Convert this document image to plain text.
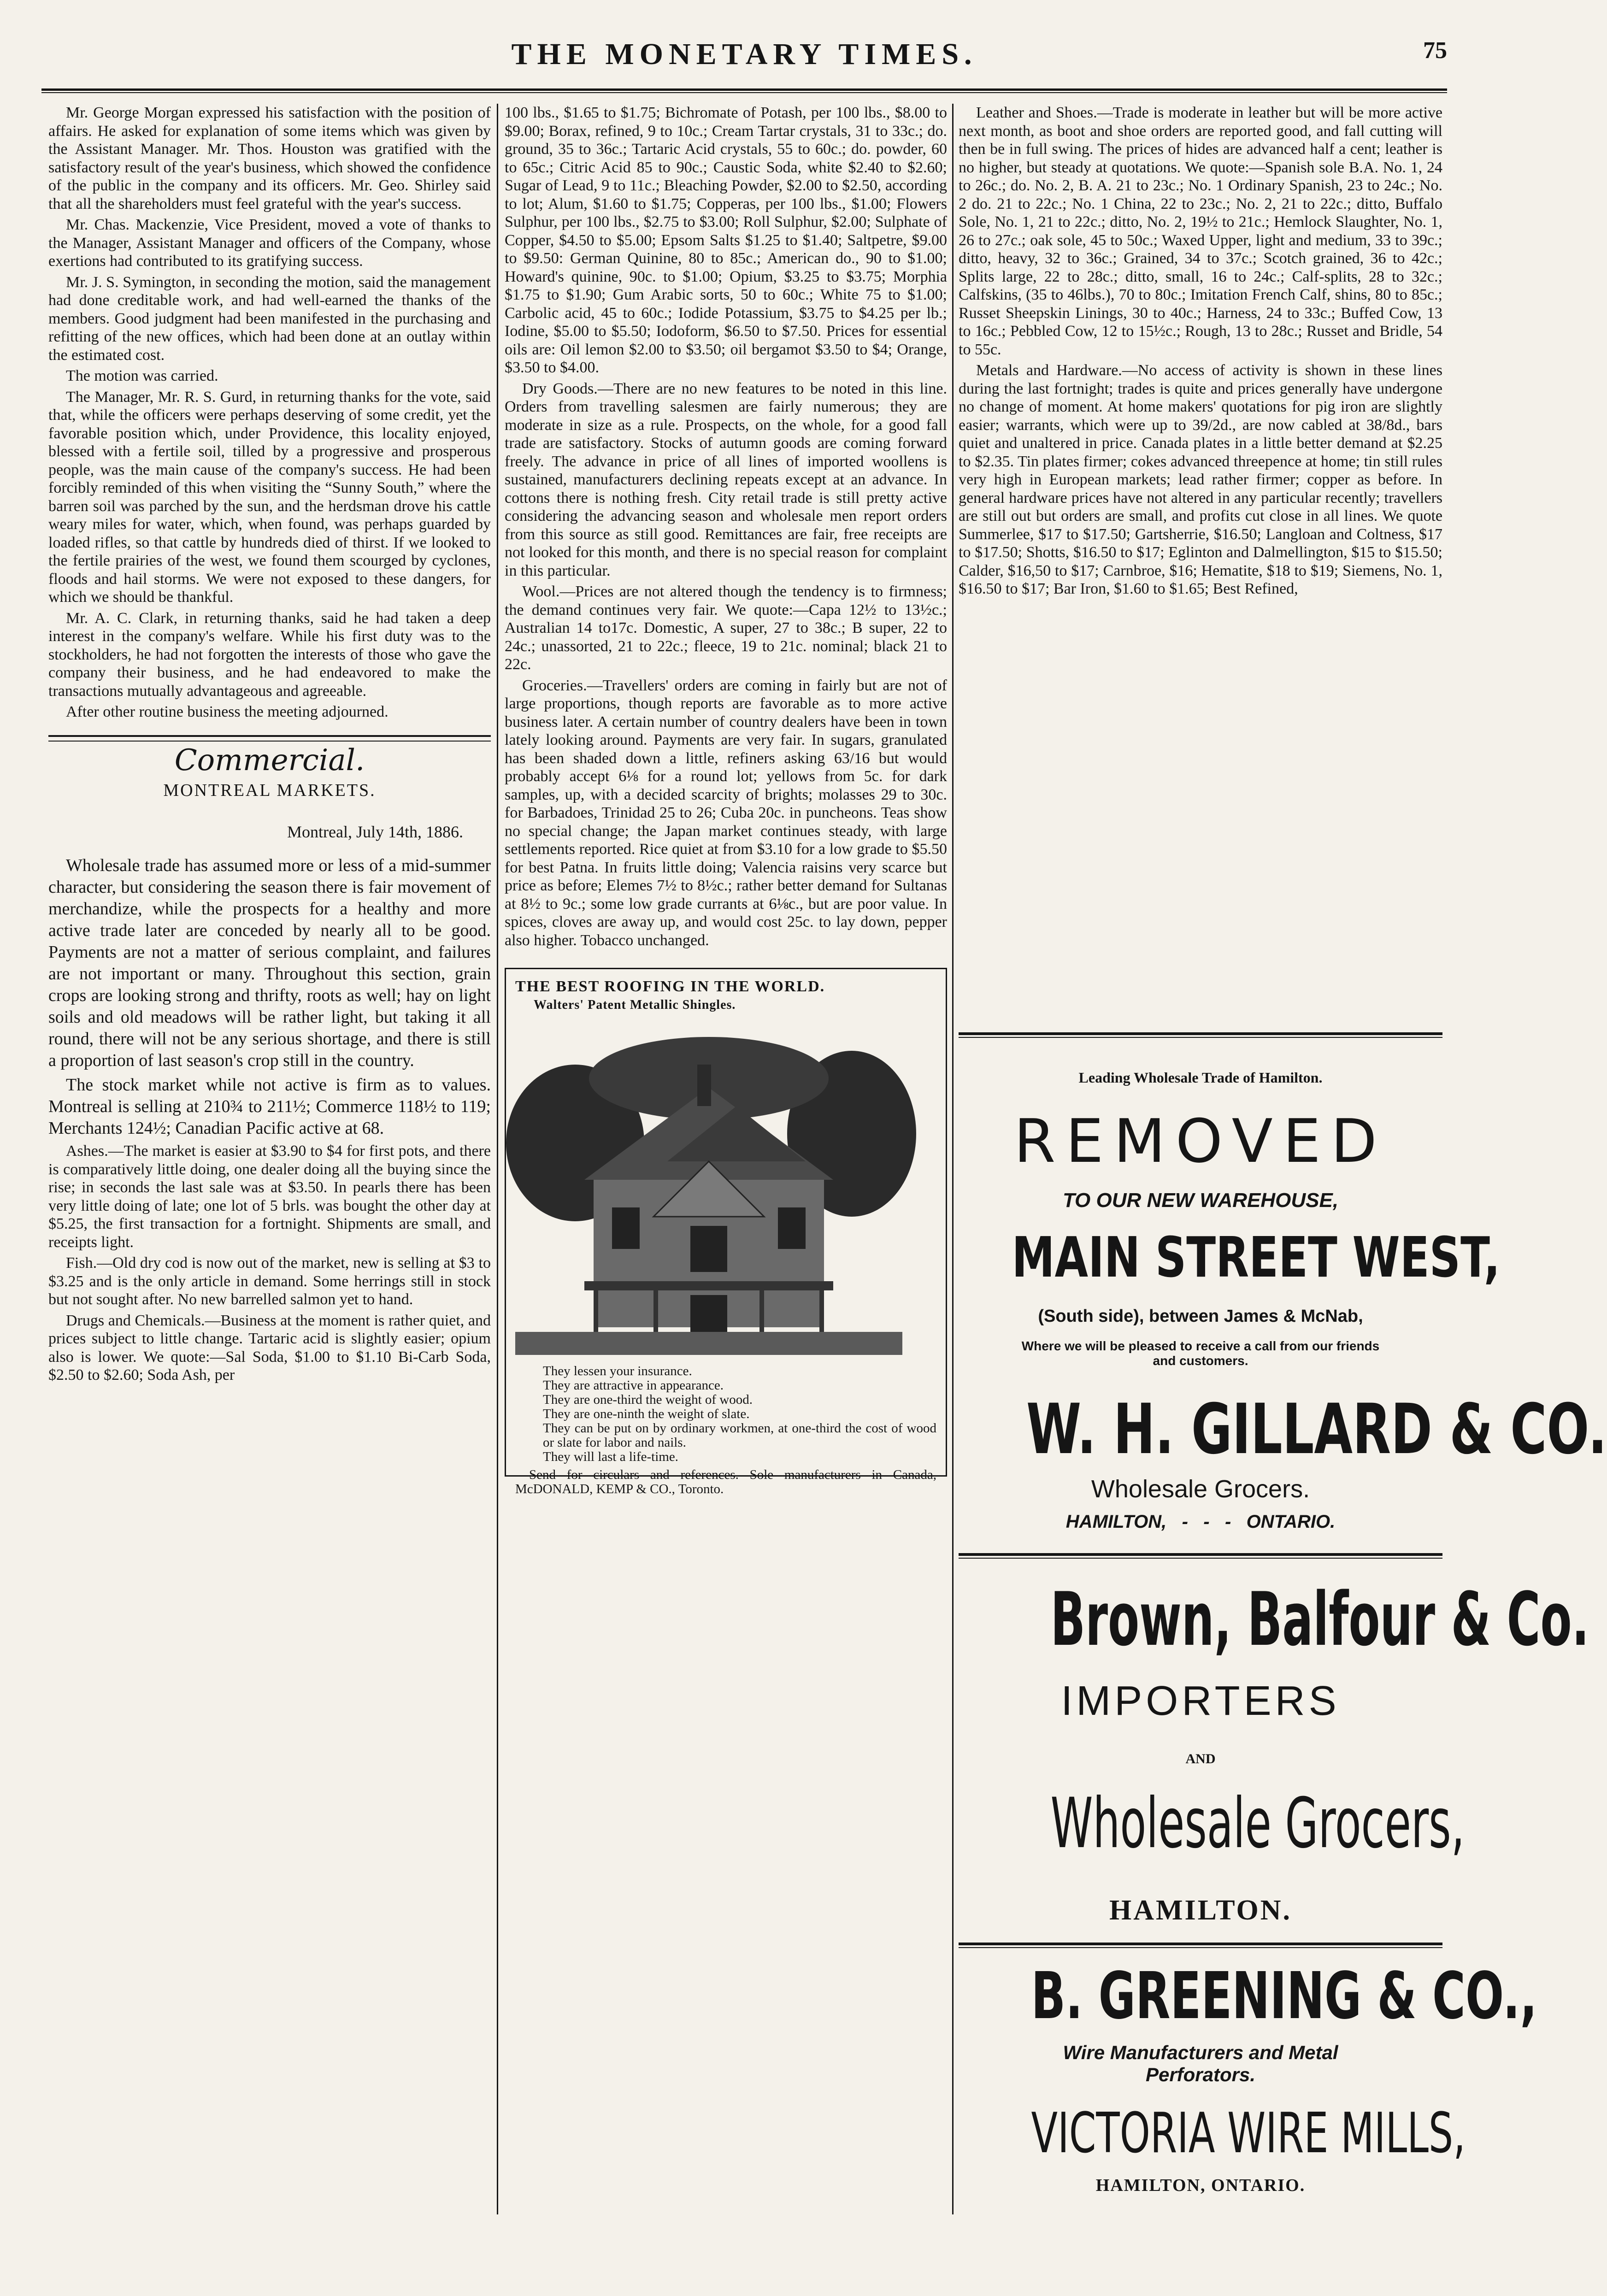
THE MONETARY TIMES.	75

Mr. George Morgan expressed his satisfaction with the position of affairs. He asked for explanation of some items which was given by the Assistant Manager. Mr. Thos. Houston was gratified with the satisfactory result of the year's business, which showed the confidence of the public in the company and its officers. Mr. Geo. Shirley said that all the shareholders must feel grateful with the year's success.

Mr. Chas. Mackenzie, Vice President, moved a vote of thanks to the Manager, Assistant Manager and officers of the Company, whose exertions had contributed to its gratifying success.

Mr. J. S. Symington, in seconding the motion, said the management had done creditable work, and had well-earned the thanks of the members. Good judgment had been manifested in the purchasing and refitting of the new offices, which had been done at an outlay within the estimated cost.

The motion was carried.

The Manager, Mr. R. S. Gurd, in returning thanks for the vote, said that, while the officers were perhaps deserving of some credit, yet the favorable position which, under Providence, this locality enjoyed, blessed with a fertile soil, tilled by a progressive and prosperous people, was the main cause of the company's success. He had been forcibly reminded of this when visiting the “Sunny South,” where the barren soil was parched by the sun, and the herdsman drove his cattle weary miles for water, which, when found, was perhaps guarded by loaded rifles, so that cattle by hundreds died of thirst. If we looked to the fertile prairies of the west, we found them scourged by cyclones, floods and hail storms. We were not exposed to these dangers, for which we should be thankful.

Mr. A. C. Clark, in returning thanks, said he had taken a deep interest in the company's welfare. While his first duty was to the stockholders, he had not forgotten the interests of those who gave the company their business, and he had endeavored to make the transactions mutually advantageous and agreeable.

After other routine business the meeting adjourned.

Commercial.
MONTREAL MARKETS.
Montreal, July 14th, 1886.

Wholesale trade has assumed more or less of a mid-summer character, but considering the season there is fair movement of merchandize, while the prospects for a healthy and more active trade later are conceded by nearly all to be good. Payments are not a matter of serious complaint, and failures are not important or many. Throughout this section, grain crops are looking strong and thrifty, roots as well; hay on light soils and old meadows will be rather light, but taking it all round, there will not be any serious shortage, and there is still a proportion of last season's crop still in the country.

The stock market while not active is firm as to values. Montreal is selling at 210¾ to 211½; Commerce 118½ to 119; Merchants 124½; Canadian Pacific active at 68.

Ashes.—The market is easier at $3.90 to $4 for first pots, and there is comparatively little doing, one dealer doing all the buying since the rise; in seconds the last sale was at $3.50. In pearls there has been very little doing of late; one lot of 5 brls. was bought the other day at $5.25, the first transaction for a fortnight. Shipments are small, and receipts light.

Fish.—Old dry cod is now out of the market, new is selling at $3 to $3.25 and is the only article in demand. Some herrings still in stock but not sought after. No new barrelled salmon yet to hand.

Drugs and Chemicals.—Business at the moment is rather quiet, and prices subject to little change. Tartaric acid is slightly easier; opium also is lower. We quote:—Sal Soda, $1.00 to $1.10 Bi-Carb Soda, $2.50 to $2.60; Soda Ash, per

100 lbs., $1.65 to $1.75; Bichromate of Potash, per 100 lbs., $8.00 to $9.00; Borax, refined, 9 to 10c.; Cream Tartar crystals, 31 to 33c.; do. ground, 35 to 36c.; Tartaric Acid crystals, 55 to 60c.; do. powder, 60 to 65c.; Citric Acid 85 to 90c.; Caustic Soda, white $2.40 to $2.60; Sugar of Lead, 9 to 11c.; Bleaching Powder, $2.00 to $2.50, according to lot; Alum, $1.60 to $1.75; Copperas, per 100 lbs., $1.00; Flowers Sulphur, per 100 lbs., $2.75 to $3.00; Roll Sulphur, $2.00; Sulphate of Copper, $4.50 to $5.00; Epsom Salts $1.25 to $1.40; Saltpetre, $9.00 to $9.50: German Quinine, 80 to 85c.; American do., 90 to $1.00; Howard's quinine, 90c. to $1.00; Opium, $3.25 to $3.75; Morphia $1.75 to $1.90; Gum Arabic sorts, 50 to 60c.; White 75 to $1.00; Carbolic acid, 45 to 60c.; Iodide Potassium, $3.75 to $4.25 per lb.; Iodine, $5.00 to $5.50; Iodoform, $6.50 to $7.50. Prices for essential oils are: Oil lemon $2.00 to $3.50; oil bergamot $3.50 to $4; Orange, $3.50 to $4.00.

Dry Goods.—There are no new features to be noted in this line. Orders from travelling salesmen are fairly numerous; they are moderate in size as a rule. Prospects, on the whole, for a good fall trade are satisfactory. Stocks of autumn goods are coming forward freely. The advance in price of all lines of imported woollens is sustained, manufacturers declining repeats except at an advance. In cottons there is nothing fresh. City retail trade is still pretty active considering the advancing season and wholesale men report orders from this source as still good. Remittances are fair, free receipts are not looked for this month, and there is no special reason for complaint in this particular.

Wool.—Prices are not altered though the tendency is to firmness; the demand continues very fair. We quote:—Capa 12½ to 13½c.; Australian 14 to17c. Domestic, A super, 27 to 38c.; B super, 22 to 24c.; unassorted, 21 to 22c.; fleece, 19 to 21c. nominal; black 21 to 22c.

Groceries.—Travellers' orders are coming in fairly but are not of large proportions, though reports are favorable as to more active business later. A certain number of country dealers have been in town lately looking around. Payments are very fair. In sugars, granulated has been shaded down a little, refiners asking 63/16 but would probably accept 6⅛ for a round lot; yellows from 5c. for dark samples, up, with a decided scarcity of brights; molasses 29 to 30c. for Barbadoes, Trinidad 25 to 26; Cuba 20c. in puncheons. Teas show no special change; the Japan market continues steady, with large settlements reported. Rice quiet at from $3.10 for a low grade to $5.50 for best Patna. In fruits little doing; Valencia raisins very scarce but price as before; Elemes 7½ to 8½c.; rather better demand for Sultanas at 8½ to 9c.; some low grade currants at 6⅛c., but are poor value. In spices, cloves are away up, and would cost 25c. to lay down, pepper also higher. Tobacco unchanged.

THE BEST ROOFING IN THE WORLD.
Walters' Patent Metallic Shingles.
They lessen your insurance.
They are attractive in appearance.
They are one-third the weight of wood.
They are one-ninth the weight of slate.
They can be put on by ordinary workmen, at one-third the cost of wood or slate for labor and nails.
They will last a life-time.
Send for circulars and references. Sole manufacturers in Canada, McDONALD, KEMP & CO., Toronto.

Leather and Shoes.—Trade is moderate in leather but will be more active next month, as boot and shoe orders are reported good, and fall cutting will then be in full swing. The prices of hides are advanced half a cent; leather is no higher, but steady at quotations. We quote:—Spanish sole B.A. No. 1, 24 to 26c.; do. No. 2, B. A. 21 to 23c.; No. 1 Ordinary Spanish, 23 to 24c.; No. 2 do. 21 to 22c.; No. 1 China, 22 to 23c.; No. 2, 21 to 22c.; ditto, Buffalo Sole, No. 1, 21 to 22c.; ditto, No. 2, 19½ to 21c.; Hemlock Slaughter, No. 1, 26 to 27c.; oak sole, 45 to 50c.; Waxed Upper, light and medium, 33 to 39c.; ditto, heavy, 32 to 36c.; Grained, 34 to 37c.; Scotch grained, 36 to 42c.; Splits large, 22 to 28c.; ditto, small, 16 to 24c.; Calf-splits, 28 to 32c.; Calfskins, (35 to 46lbs.), 70 to 80c.; Imitation French Calf, shins, 80 to 85c.; Russet Sheepskin Linings, 30 to 40c.; Harness, 24 to 33c.; Buffed Cow, 13 to 16c.; Pebbled Cow, 12 to 15½c.; Rough, 13 to 28c.; Russet and Bridle, 54 to 55c.

Metals and Hardware.—No access of activity is shown in these lines during the last fortnight; trades is quite and prices generally have undergone no change of moment. At home makers' quotations for pig iron are slightly easier; warrants, which were up to 39/2d., are now cabled at 38/8d., bars quiet and unaltered in price. Canada plates in a little better demand at $2.25 to $2.35. Tin plates firmer; cokes advanced threepence at home; tin still rules very high in European markets; lead rather firmer; copper as before. In general hardware prices have not altered in any particular recently; travellers are still out but orders are small, and profits cut close in all lines. We quote Summerlee, $17 to $17.50; Gartsherrie, $16.50; Langloan and Coltness, $17 to $17.50; Shotts, $16.50 to $17; Eglinton and Dalmellington, $15 to $15.50; Calder, $16,50 to $17; Carnbroe, $16; Hematite, $18 to $19; Siemens, No. 1, $16.50 to $17; Bar Iron, $1.60 to $1.65; Best Refined,

Leading Wholesale Trade of Hamilton.
REMOVED
TO OUR NEW WAREHOUSE,
MAIN STREET WEST,
(South side), between James & McNab,
Where we will be pleased to receive a call from our friends and customers.
W. H. GILLARD & CO.
Wholesale Grocers.
HAMILTON,   -   -   -   ONTARIO.
Brown, Balfour & Co.
IMPORTERS
AND
Wholesale Grocers,
HAMILTON.
B. GREENING & CO.,
Wire Manufacturers and Metal Perforators.
VICTORIA WIRE MILLS,
HAMILTON, ONTARIO.
